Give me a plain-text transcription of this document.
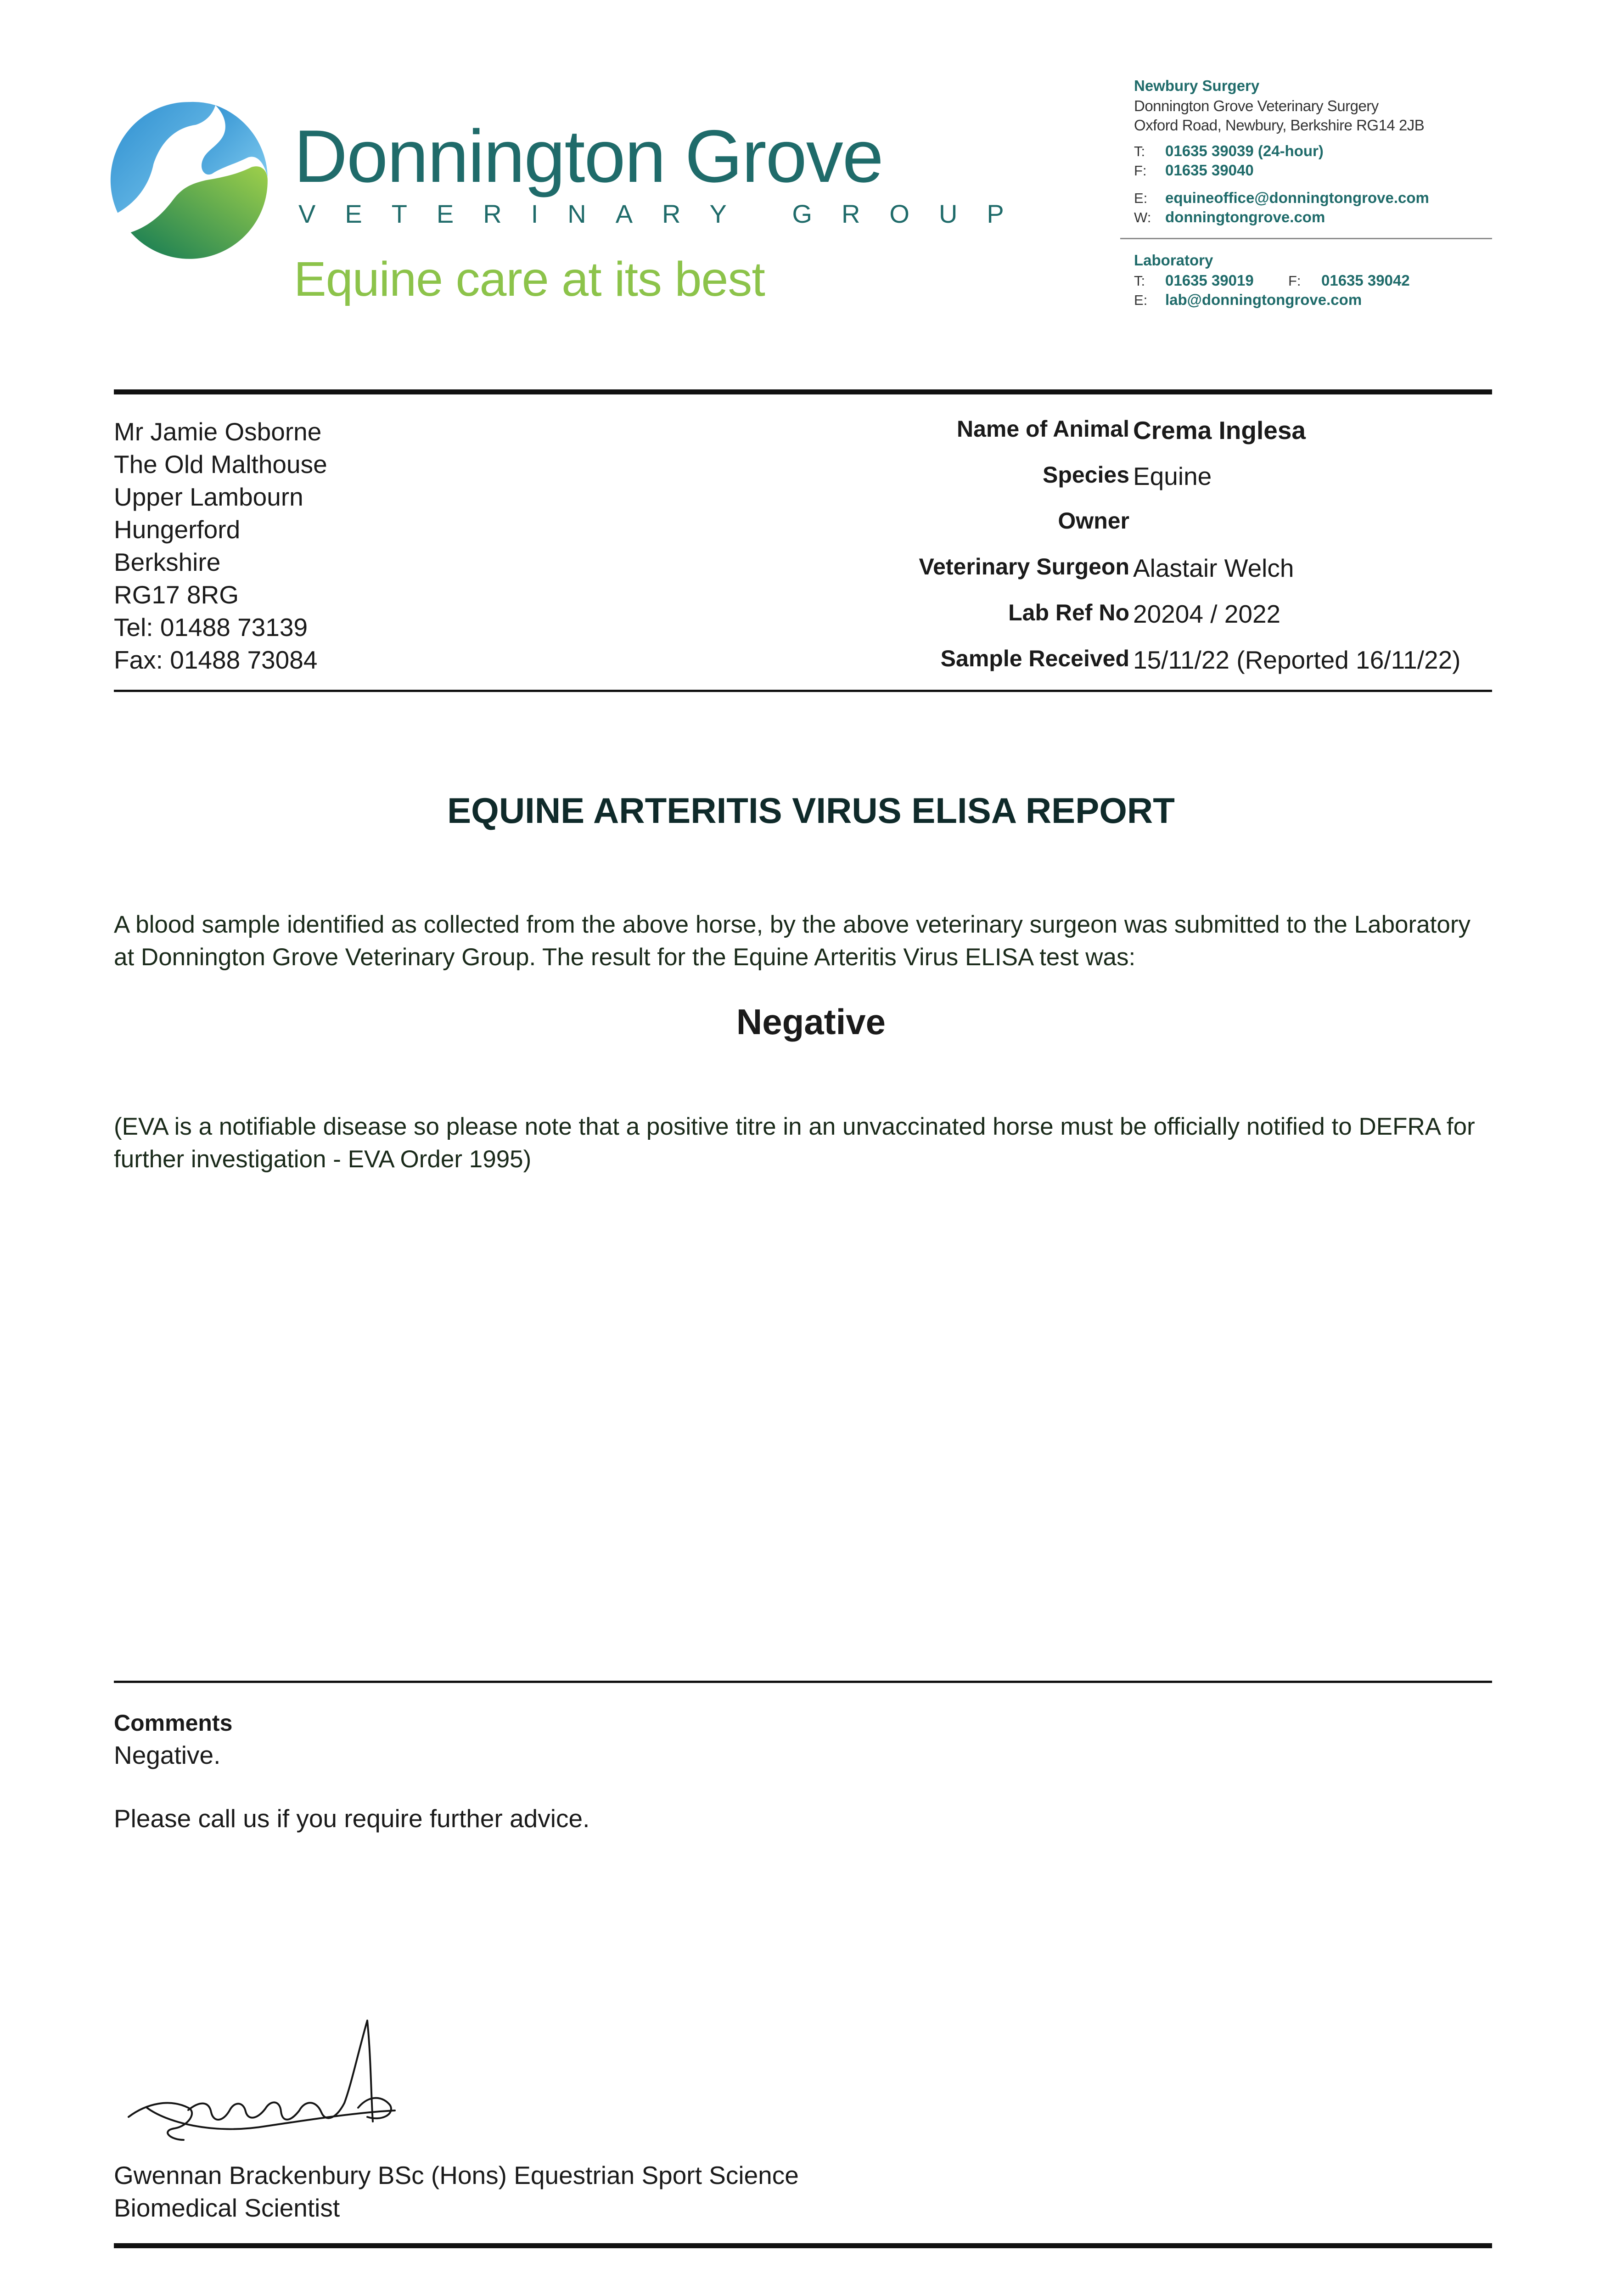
Donnington Grove
VETERINARY GROUP
Equine care at its best
Newbury Surgery
Donnington Grove Veterinary Surgery
Oxford Road, Newbury, Berkshire RG14 2JB
T: 01635 39039 (24-hour)
F: 01635 39040
E: equineoffice@donningtongrove.com
W: donningtongrove.com
Laboratory
T: 01635 39019 F: 01635 39042
E: lab@donningtongrove.com
Mr Jamie Osborne
The Old Malthouse
Upper Lambourn
Hungerford
Berkshire
RG17 8RG
Tel: 01488 73139
Fax: 01488 73084
Name of Animal Crema Inglesa
Species Equine
Owner
Veterinary Surgeon Alastair Welch
Lab Ref No 20204 / 2022
Sample Received 15/11/22 (Reported 16/11/22)
EQUINE ARTERITIS VIRUS ELISA REPORT
A blood sample identified as collected from the above horse, by the above veterinary surgeon was submitted to the Laboratory at Donnington Grove Veterinary Group. The result for the Equine Arteritis Virus ELISA test was:
Negative
(EVA is a notifiable disease so please note that a positive titre in an unvaccinated horse must be officially notified to DEFRA for further investigation - EVA Order 1995)
Comments
Negative.
Please call us if you require further advice.
Gwennan Brackenbury BSc (Hons) Equestrian Sport Science
Biomedical Scientist
